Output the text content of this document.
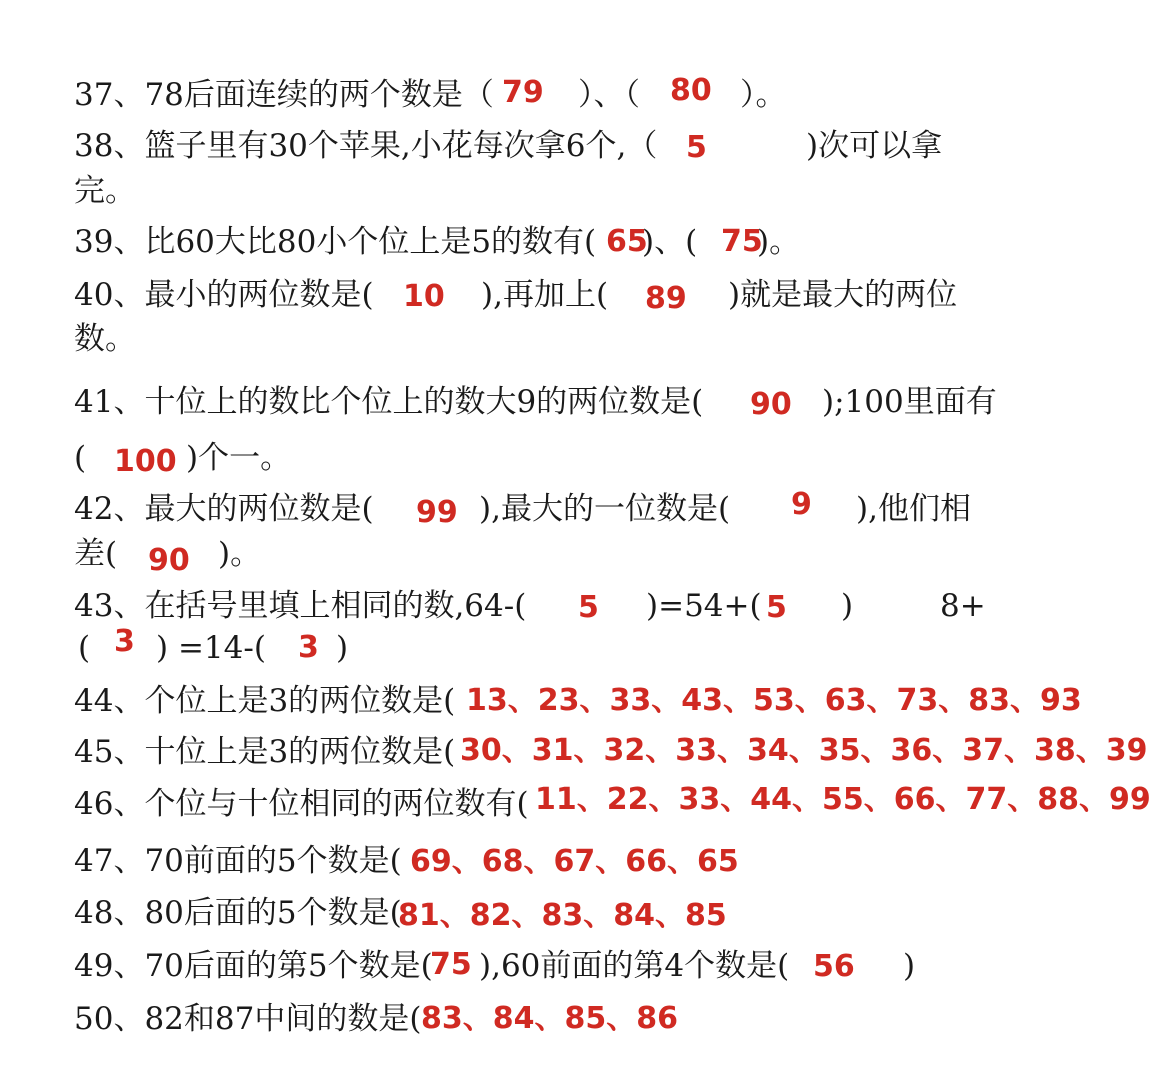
37、78后面连续的两个数是（ 79 ）、（ 80 ）。
38、篮子里有30个苹果,小花每次拿6个,（ 5	)次可以拿
完。
39、比60大比80小个位上是5的数有( 65
)、( 75
)。
40、最小的两位数是( 10 ),再加上( 89 )就是最大的两位
数。
41、十位上的数比个位上的数大9的两位数是( 90 );100里面有
( 100 )个一。
42、最大的两位数是( 99 ),最大的一位数是( 9 ),他们相
差( 90 )。
43、在括号里填上相同的数,64-( 5 )=54+( 5 )	8+
( 3 ) =14-( 3 )
44、个位上是3的两位数是( 13、23、33、43、53、63、73、83、93
45、十位上是3的两位数是( 30、31、32、33、34、35、36、37、38、39
46、个位与十位相同的两位数有( 11、22、33、44、55、66、77、88、99
47、70前面的5个数是( 69、68、67、66、65
48、80后面的5个数是(
81、82、83、84、85
49、70后面的第5个数是(
75 ),60前面的第4个数是( 56 )
50、82和87中间的数是( 83、84、85、86
